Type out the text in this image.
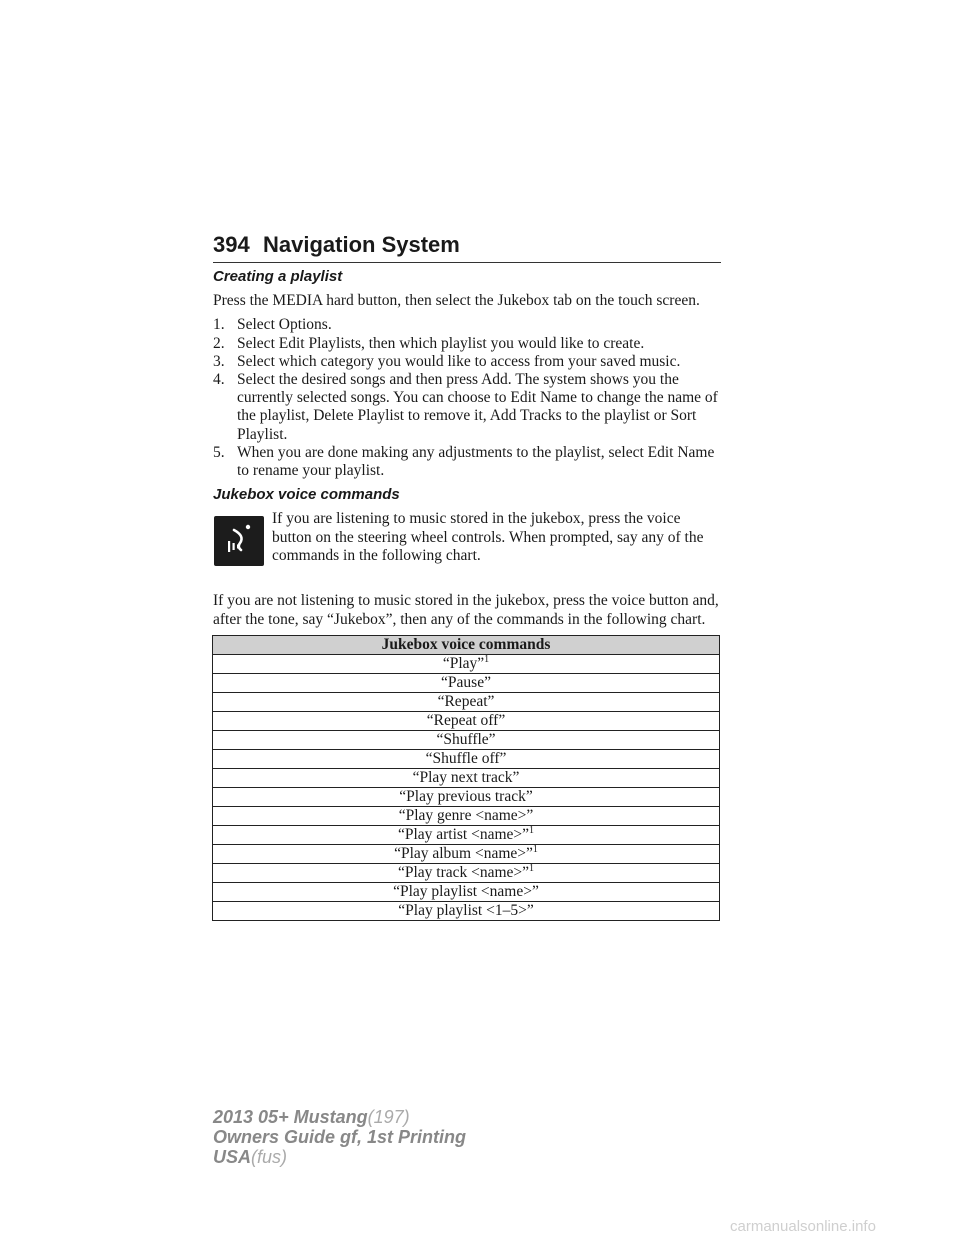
394 Navigation System
Creating a playlist
Press the MEDIA hard button, then select the Jukebox tab on the touch screen.
1. Select Options.
2. Select Edit Playlists, then which playlist you would like to create.
3. Select which category you would like to access from your saved music.
4. Select the desired songs and then press Add. The system shows you the currently selected songs. You can choose to Edit Name to change the name of the playlist, Delete Playlist to remove it, Add Tracks to the playlist or Sort Playlist.
5. When you are done making any adjustments to the playlist, select Edit Name to rename your playlist.
Jukebox voice commands
If you are listening to music stored in the jukebox, press the voice button on the steering wheel controls. When prompted, say any of the commands in the following chart.
If you are not listening to music stored in the jukebox, press the voice button and, after the tone, say “Jukebox”, then any of the commands in the following chart.
Jukebox voice commands
“Play”$^1$
“Pause”
“Repeat”
“Repeat off”
“Shuffle”
“Shuffle off”
“Play next track”
“Play previous track”
“Play genre <name>”
“Play artist <name>”$^1$
“Play album <name>”$^1$
“Play track <name>”$^1$
“Play playlist <name>”
“Play playlist <1–5>”
2013 05+ Mustang(197)
Owners Guide gf, 1st Printing
USA(fus)
carmanualsonline.info
